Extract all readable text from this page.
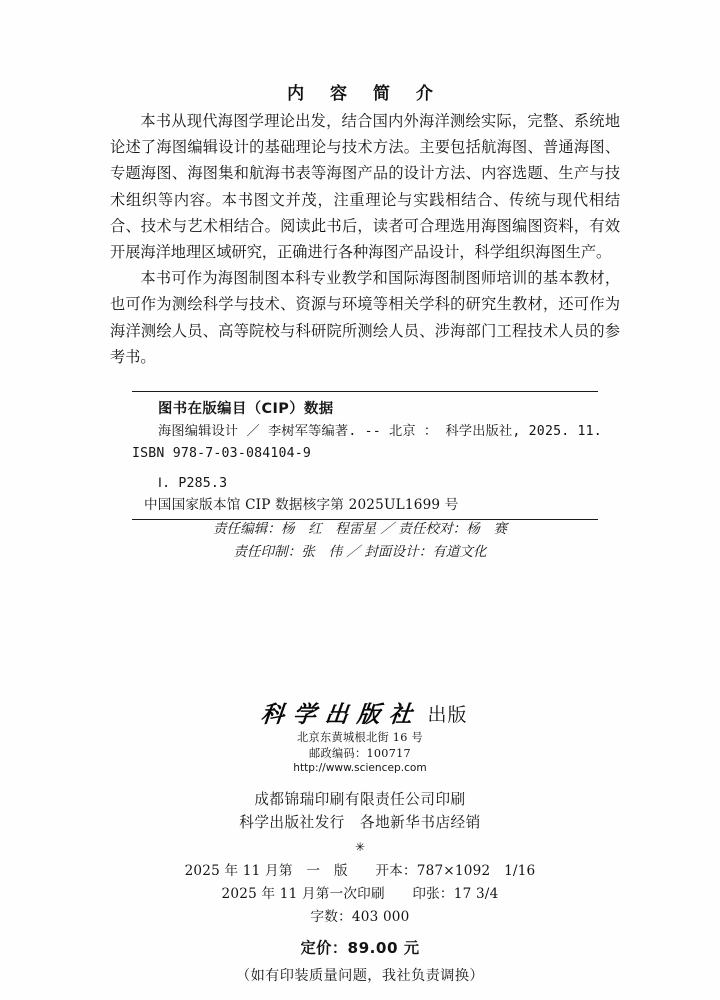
内 容 简 介

本书从现代海图学理论出发，结合国内外海洋测绘实际，完整、系统地论述了海图编辑设计的基础理论与技术方法。主要包括航海图、普通海图、专题海图、海图集和航海书表等海图产品的设计方法、内容选题、生产与技术组织等内容。本书图文并茂，注重理论与实践相结合、传统与现代相结合、技术与艺术相结合。阅读此书后，读者可合理选用海图编图资料，有效开展海洋地理区域研究，正确进行各种海图产品设计，科学组织海图生产。

本书可作为海图制图本科专业教学和国际海图制图师培训的基本教材，也可作为测绘科学与技术、资源与环境等相关学科的研究生教材，还可作为海洋测绘人员、高等院校与科研院所测绘人员、涉海部门工程技术人员的参考书。

图书在版编目（CIP）数据
海图编辑设计 ／ 李树军等编著. -- 北京 ： 科学出版社, 2025. 11.
ISBN 978-7-03-084104-9
Ⅰ. P285.3
中国国家版本馆 CIP 数据核字第 2025UL1699 号
责任编辑：杨　红　程雷星 ／ 责任校对：杨　赛
责任印制：张　伟 ／ 封面设计：有道文化
科学出版社 出版
北京东黄城根北街 16 号
邮政编码：100717
http://www.sciencep.com
成都锦瑞印刷有限责任公司印刷
科学出版社发行　各地新华书店经销
✳
2025 年 11 月第　一　版　　开本：787×1092　1/16
2025 年 11 月第一次印刷　　印张：17 3/4
字数：403 000
定价：89.00 元
（如有印装质量问题，我社负责调换）
